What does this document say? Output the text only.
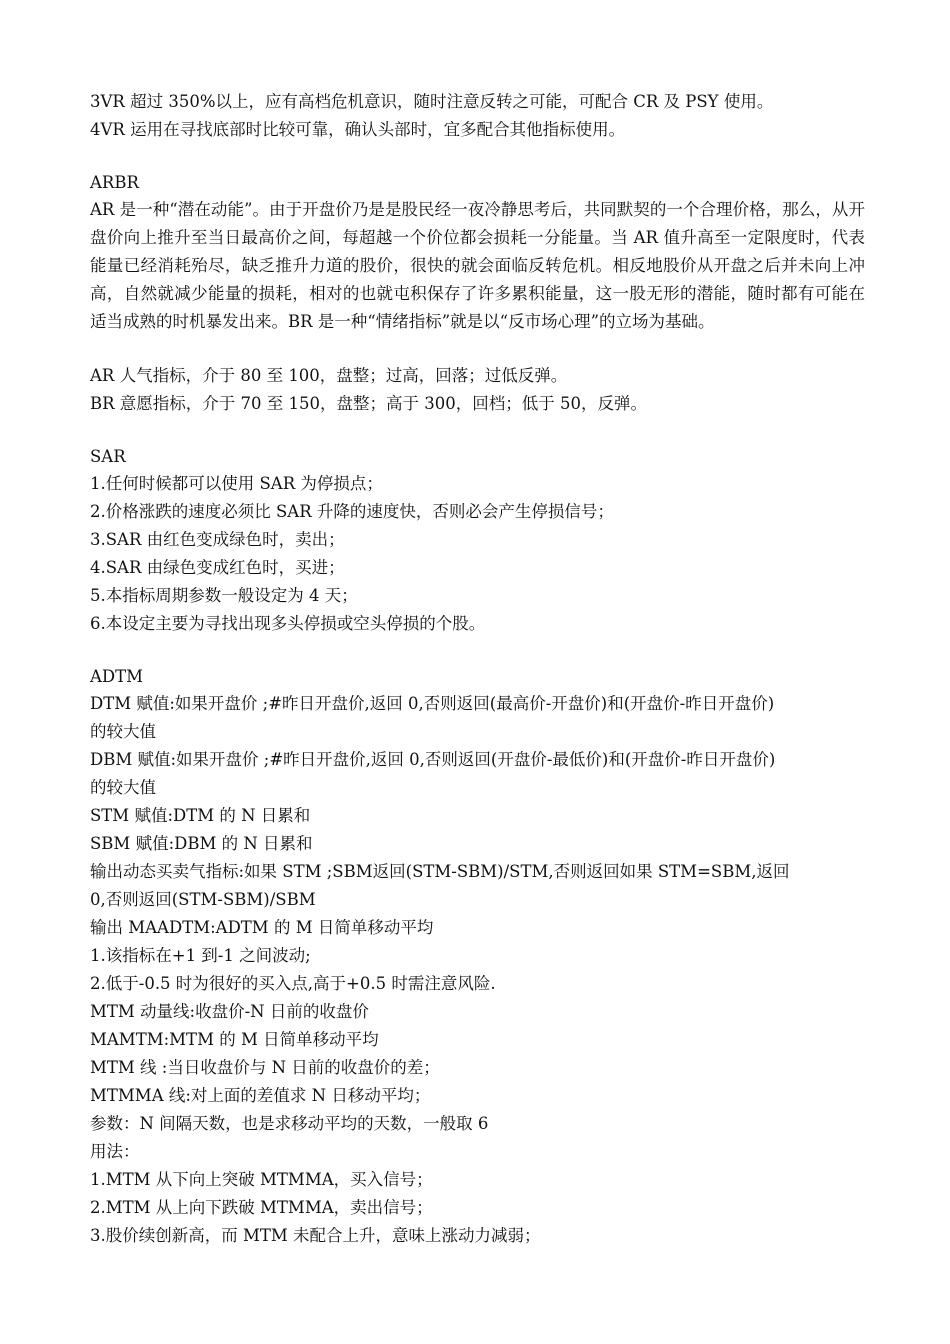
3VR 超过 350%以上，应有高档危机意识，随时注意反转之可能，可配合 CR 及 PSY 使用。
4VR 运用在寻找底部时比较可靠，确认头部时，宜多配合其他指标使用。
ARBR

AR 是一种“潜在动能”。由于开盘价乃是是股民经一夜冷静思考后，共同默契的一个合理价格，那么，从开盘价向上推升至当日最高价之间，每超越一个价位都会损耗一分能量。当 AR 值升高至一定限度时，代表能量已经消耗殆尽，缺乏推升力道的股价，很快的就会面临反转危机。相反地股价从开盘之后并未向上冲高，自然就减少能量的损耗，相对的也就屯积保存了许多累积能量，这一股无形的潜能，随时都有可能在适当成熟的时机暴发出来。BR 是一种“情绪指标”就是以“反市场心理”的立场为基础。

AR 人气指标，介于 80 至 100，盘整；过高，回落；过低反弹。
BR 意愿指标，介于 70 至 150，盘整；高于 300，回档；低于 50，反弹。
SAR
1.任何时候都可以使用 SAR 为停损点；
2.价格涨跌的速度必须比 SAR 升降的速度快，否则必会产生停损信号；
3.SAR 由红色变成绿色时，卖出；
4.SAR 由绿色变成红色时，买进；
5.本指标周期参数一般设定为 4 天；
6.本设定主要为寻找出现多头停损或空头停损的个股。
ADTM
DTM 赋值:如果开盘价 ;#昨日开盘价,返回 0,否则返回(最高价-开盘价)和(开盘价-昨日开盘价)
的较大值
DBM 赋值:如果开盘价 ;#昨日开盘价,返回 0,否则返回(开盘价-最低价)和(开盘价-昨日开盘价)
的较大值
STM 赋值:DTM 的 N 日累和
SBM 赋值:DBM 的 N 日累和
输出动态买卖气指标:如果 STM ;SBM返回(STM-SBM)/STM,否则返回如果 STM=SBM,返回
0,否则返回(STM-SBM)/SBM
输出 MAADTM:ADTM 的 M 日简单移动平均
1.该指标在+1 到-1 之间波动;
2.低于-0.5 时为很好的买入点,高于+0.5 时需注意风险.
MTM 动量线:收盘价-N 日前的收盘价
MAMTM:MTM 的 M 日简单移动平均
MTM 线 :当日收盘价与 N 日前的收盘价的差；
MTMMA 线:对上面的差值求 N 日移动平均；
参数：N 间隔天数，也是求移动平均的天数，一般取 6
用法：
1.MTM 从下向上突破 MTMMA，买入信号；
2.MTM 从上向下跌破 MTMMA，卖出信号；
3.股价续创新高，而 MTM 未配合上升，意味上涨动力减弱；
